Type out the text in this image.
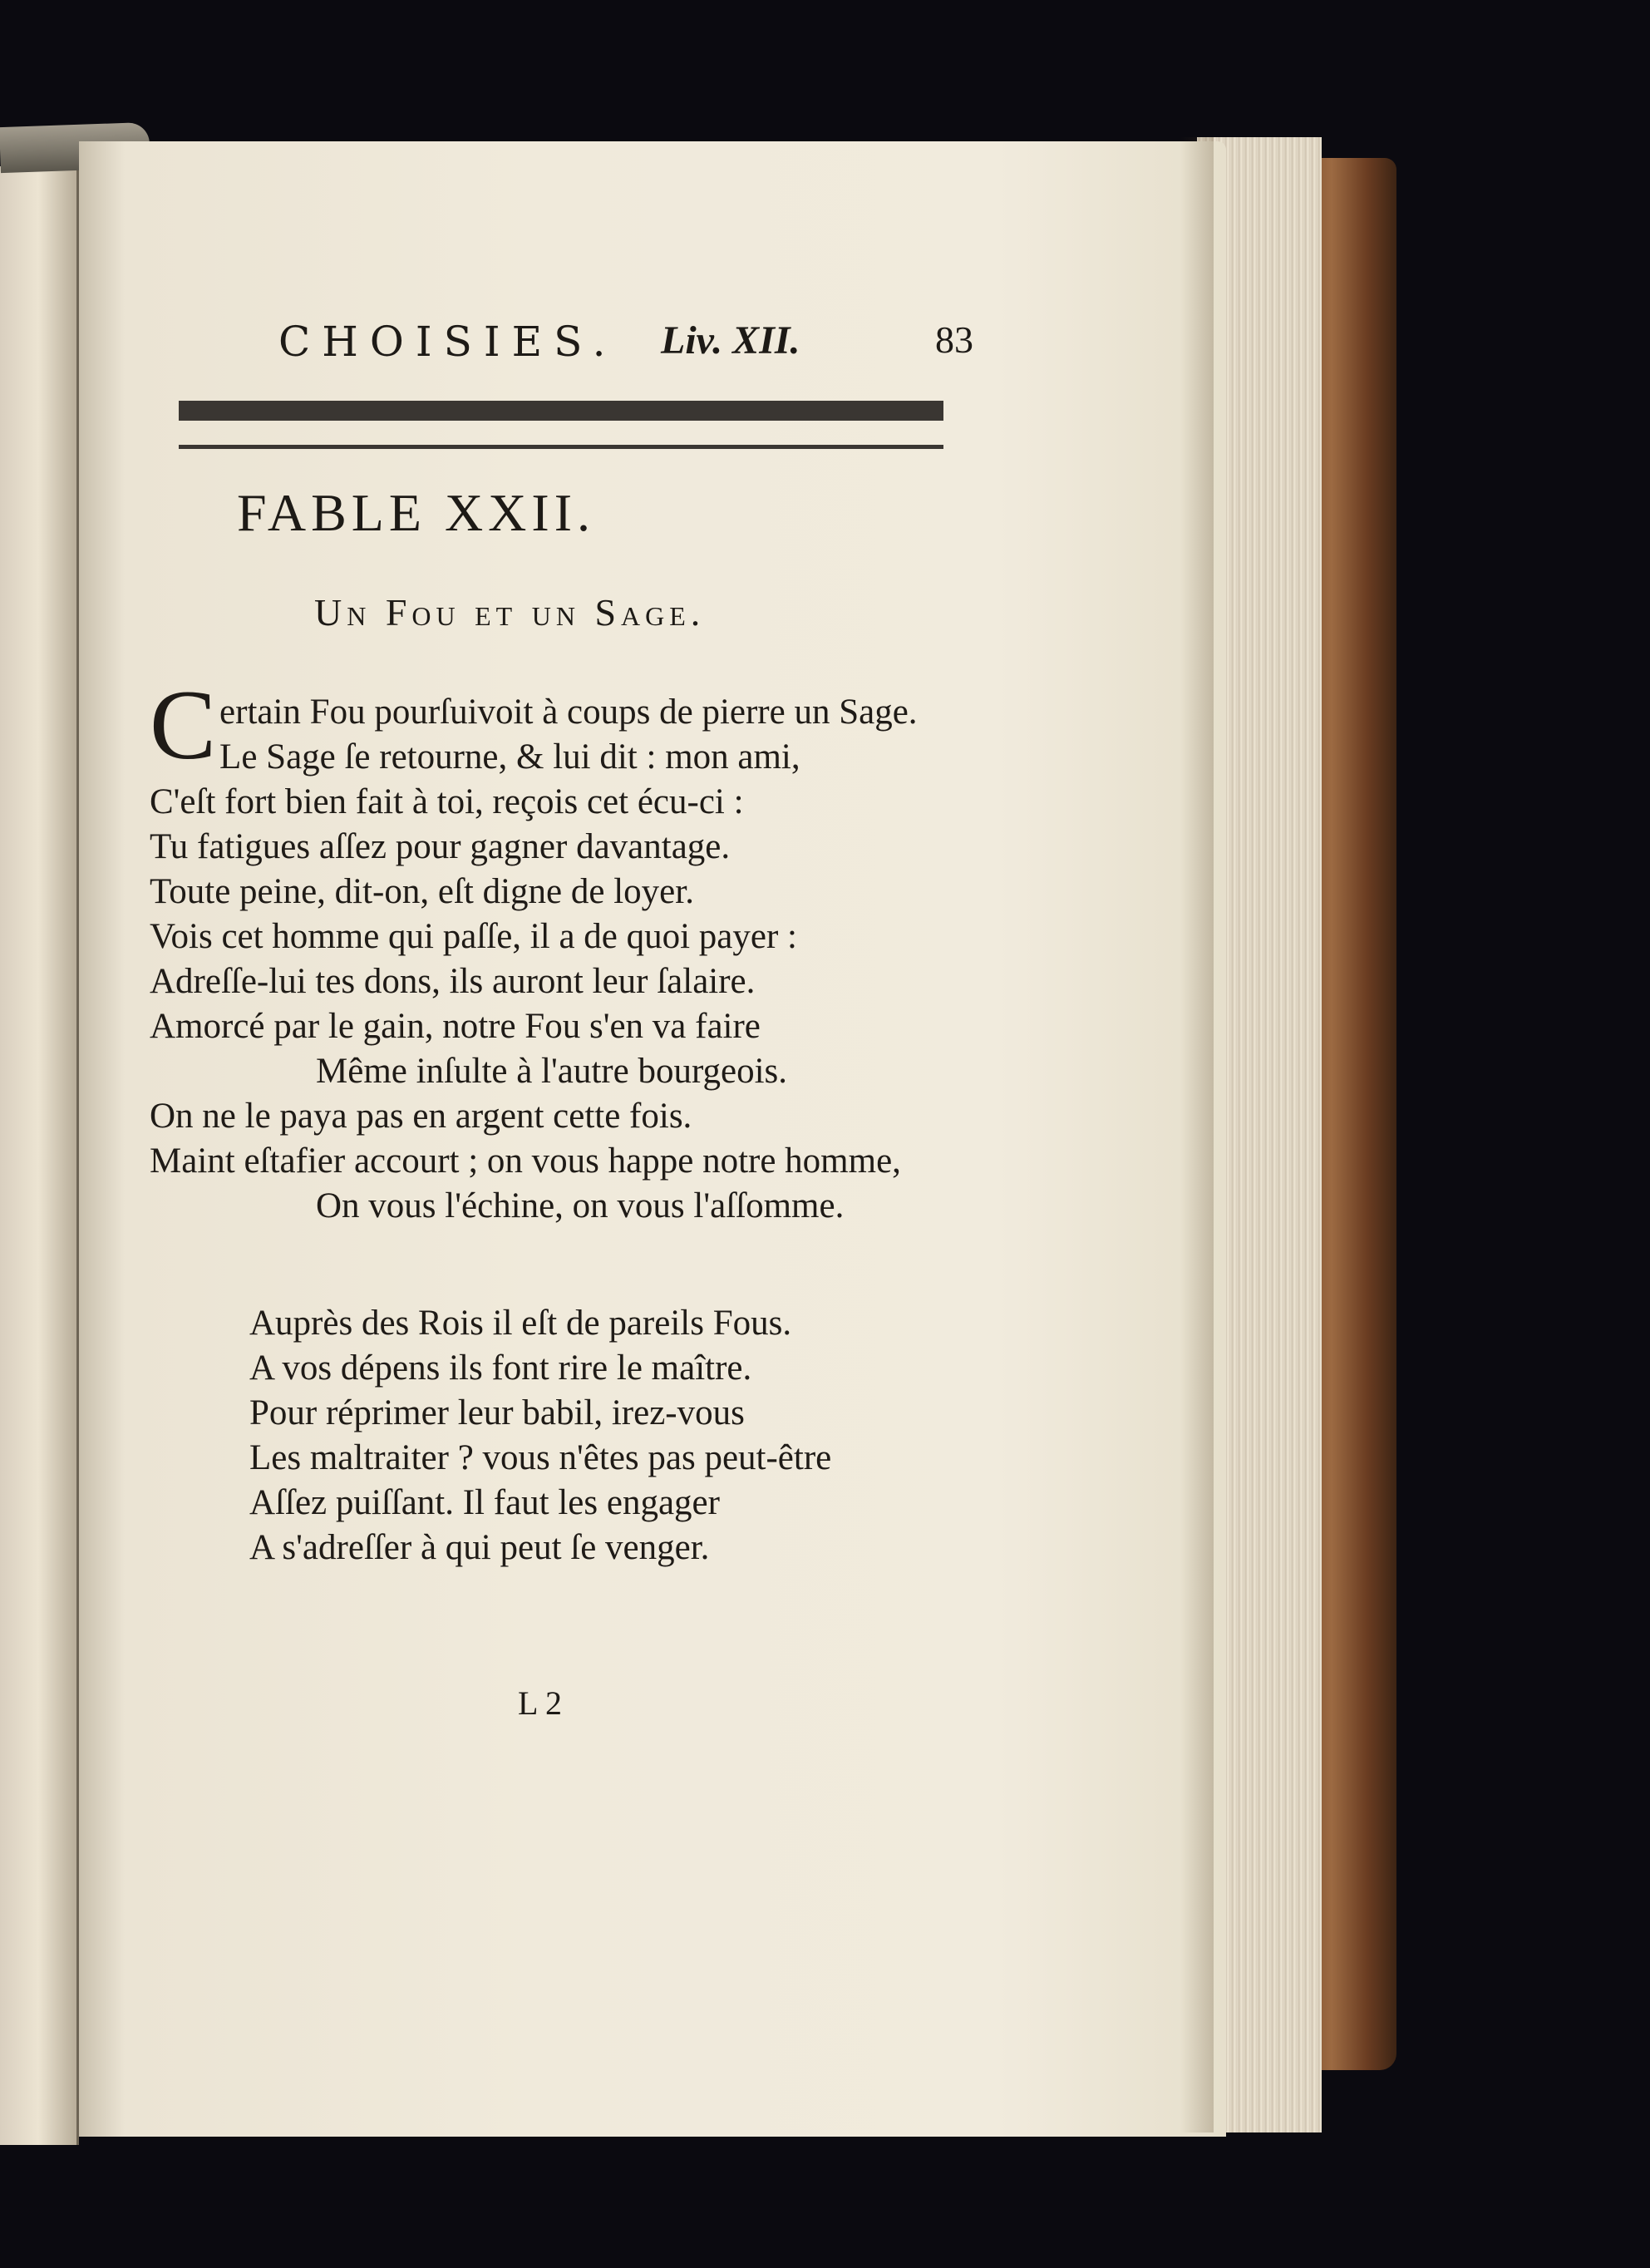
CHOISIES. Liv. XII.	83
FABLE XXII.
Un Fou et un Sage.
Certain Fou pourſuivoit à coups de pierre un Sage.
Le Sage ſe retourne, & lui dit : mon ami,
C'eſt fort bien fait à toi, reçois cet écu-ci :
Tu fatigues aſſez pour gagner davantage.
Toute peine, dit-on, eſt digne de loyer.
Vois cet homme qui paſſe, il a de quoi payer :
Adreſſe-lui tes dons, ils auront leur ſalaire.
Amorcé par le gain, notre Fou s'en va faire
Même inſulte à l'autre bourgeois.
On ne le paya pas en argent cette fois.
Maint eſtafier accourt ; on vous happe notre homme,
On vous l'échine, on vous l'aſſomme.
Auprès des Rois il eſt de pareils Fous.
A vos dépens ils font rire le maître.
Pour réprimer leur babil, irez-vous
Les maltraiter ? vous n'êtes pas peut-être
Aſſez puiſſant. Il faut les engager
A s'adreſſer à qui peut ſe venger.
L 2
